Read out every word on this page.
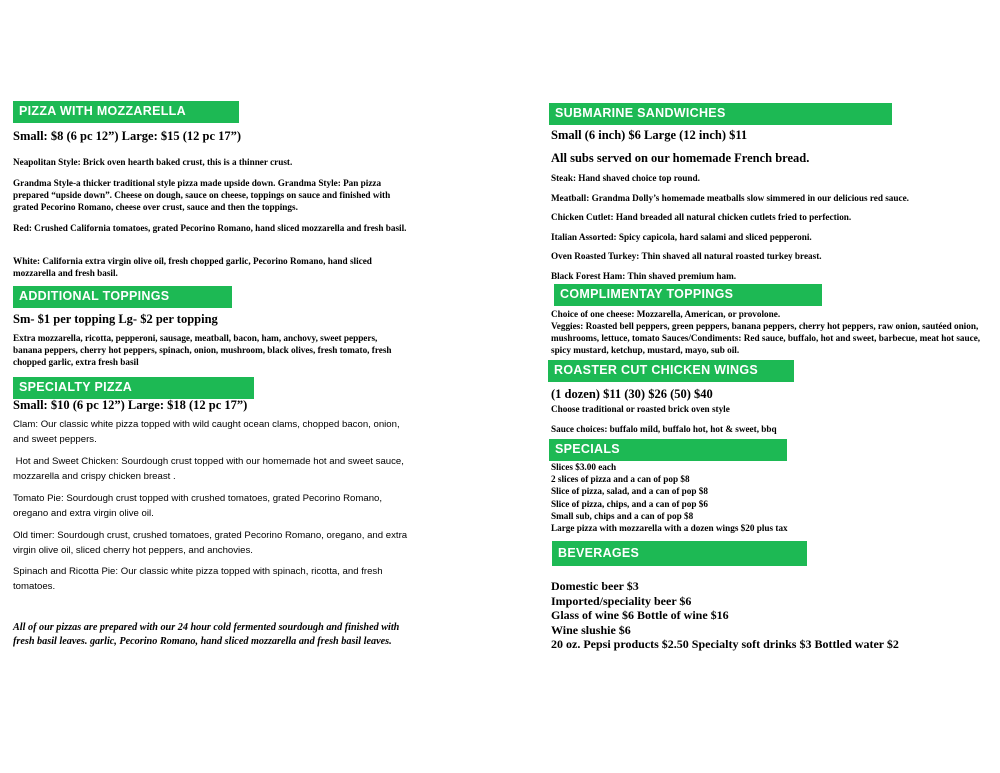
PIZZA WITH MOZZARELLA
Small: $8 (6 pc 12”) Large: $15 (12 pc 17”)
Neapolitan Style: Brick oven hearth baked crust, this is a thinner crust.
Grandma Style-a thicker traditional style pizza made upside down. Grandma Style: Pan pizza prepared “upside down”. Cheese on dough, sauce on cheese, toppings on sauce and finished with grated Pecorino Romano, cheese over crust, sauce and then the toppings.
Red: Crushed California tomatoes, grated Pecorino Romano, hand sliced mozzarella and fresh basil.
White: California extra virgin olive oil, fresh chopped garlic, Pecorino Romano, hand sliced mozzarella and fresh basil.
ADDITIONAL TOPPINGS
Sm- $1 per topping Lg- $2 per topping
Extra mozzarella, ricotta, pepperoni, sausage, meatball, bacon, ham, anchovy, sweet peppers, banana peppers, cherry hot peppers, spinach, onion, mushroom, black olives, fresh tomato, fresh chopped garlic, extra fresh basil
SPECIALTY PIZZA
Small: $10 (6 pc 12”) Large: $18 (12 pc 17”)
Clam: Our classic white pizza topped with wild caught ocean clams, chopped bacon, onion, and sweet peppers.
Hot and Sweet Chicken: Sourdough crust topped with our homemade hot and sweet sauce, mozzarella and crispy chicken breast .
Tomato Pie: Sourdough crust topped with crushed tomatoes, grated Pecorino Romano, oregano and extra virgin olive oil.
Old timer: Sourdough crust, crushed tomatoes, grated Pecorino Romano, oregano, and extra virgin olive oil, sliced cherry hot peppers, and anchovies.
Spinach and Ricotta Pie: Our classic white pizza topped with spinach, ricotta, and fresh tomatoes.
All of our pizzas are prepared with our 24 hour cold fermented sourdough and finished with fresh basil leaves. garlic, Pecorino Romano, hand sliced mozzarella and fresh basil leaves.
SUBMARINE SANDWICHES
Small (6 inch) $6 Large (12 inch) $11
All subs served on our homemade French bread.
Steak: Hand shaved choice top round.
Meatball: Grandma Dolly’s homemade meatballs slow simmered in our delicious red sauce.
Chicken Cutlet: Hand breaded all natural chicken cutlets fried to perfection.
Italian Assorted: Spicy capicola, hard salami and sliced pepperoni.
Oven Roasted Turkey: Thin shaved all natural roasted turkey breast.
Black Forest Ham: Thin shaved premium ham.
COMPLIMENTAY TOPPINGS
Choice of one cheese: Mozzarella, American, or provolone.
Veggies: Roasted bell peppers, green peppers, banana peppers, cherry hot peppers, raw onion, sautéed onion, mushrooms, lettuce, tomato Sauces/Condiments: Red sauce, buffalo, hot and sweet, barbecue, meat hot sauce, spicy mustard, ketchup, mustard, mayo, sub oil.
ROASTER CUT CHICKEN WINGS
(1 dozen) $11 (30) $26 (50) $40
Choose traditional or roasted brick oven style
Sauce choices: buffalo mild, buffalo hot, hot & sweet, bbq
SPECIALS
Slices $3.00 each
2 slices of pizza and a can of pop $8
Slice of pizza, salad, and a can of pop $8
Slice of pizza, chips, and a can of pop $6
Small sub, chips and a can of pop $8
Large pizza with mozzarella with a dozen wings $20 plus tax
BEVERAGES
Domestic beer $3
Imported/speciality beer $6
Glass of wine $6 Bottle of wine $16
Wine slushie $6
20 oz. Pepsi products $2.50 Specialty soft drinks $3 Bottled water $2
